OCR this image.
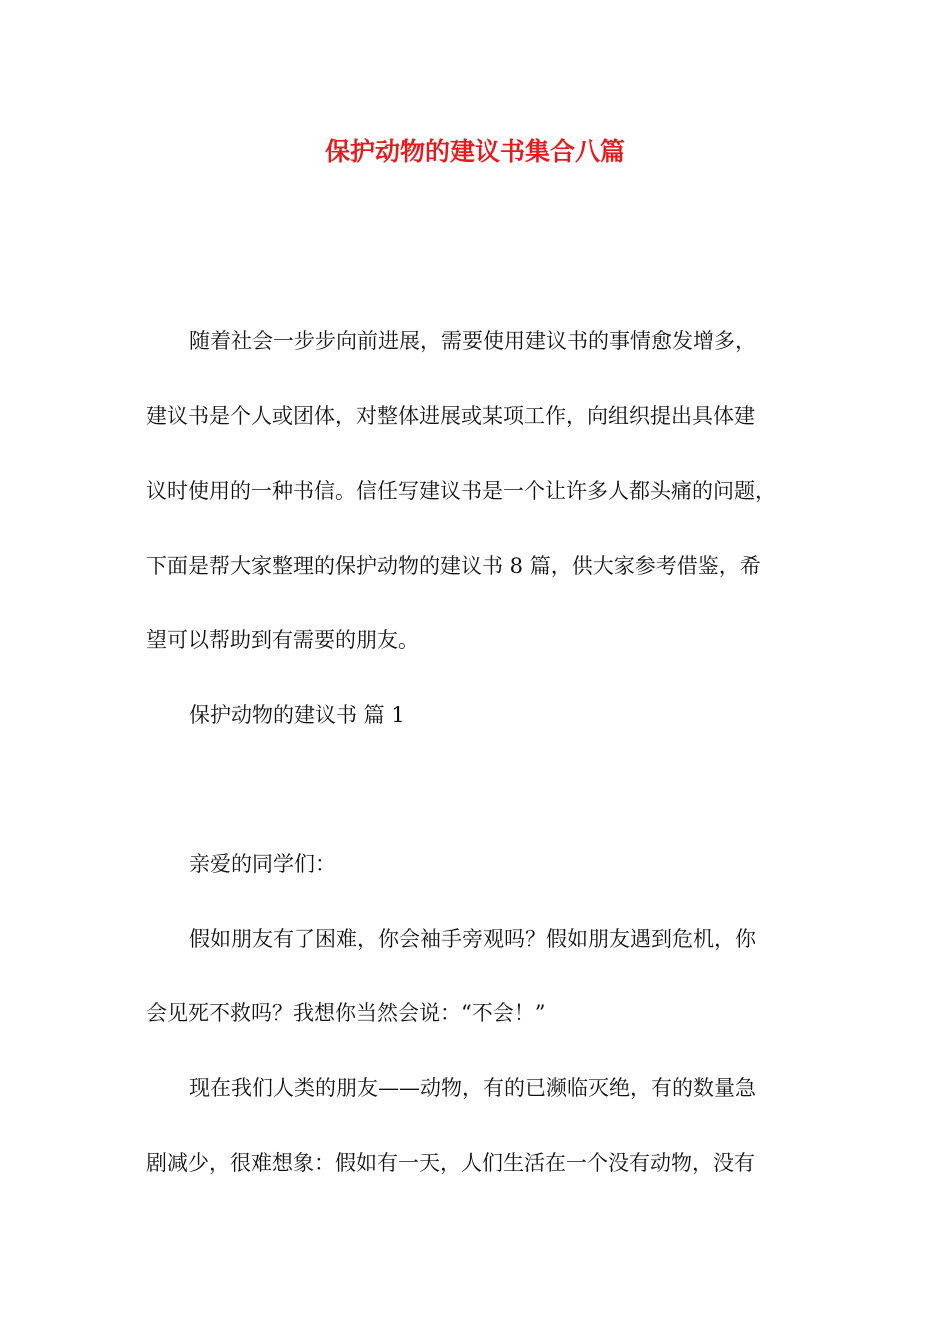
保护动物的建议书集合八篇
随着社会一步步向前进展，需要使用建议书的事情愈发增多，
建议书是个人或团体，对整体进展或某项工作，向组织提出具体建
议时使用的一种书信。信任写建议书是一个让许多人都头痛的问题，
下面是帮大家整理的保护动物的建议书 8 篇，供大家参考借鉴，希
望可以帮助到有需要的朋友。
保护动物的建议书 篇 1
亲爱的同学们：
假如朋友有了困难，你会袖手旁观吗？假如朋友遇到危机，你
会见死不救吗？我想你当然会说：“不会！”
现在我们人类的朋友——动物，有的已濒临灭绝，有的数量急
剧减少，很难想象：假如有一天，人们生活在一个没有动物，没有
